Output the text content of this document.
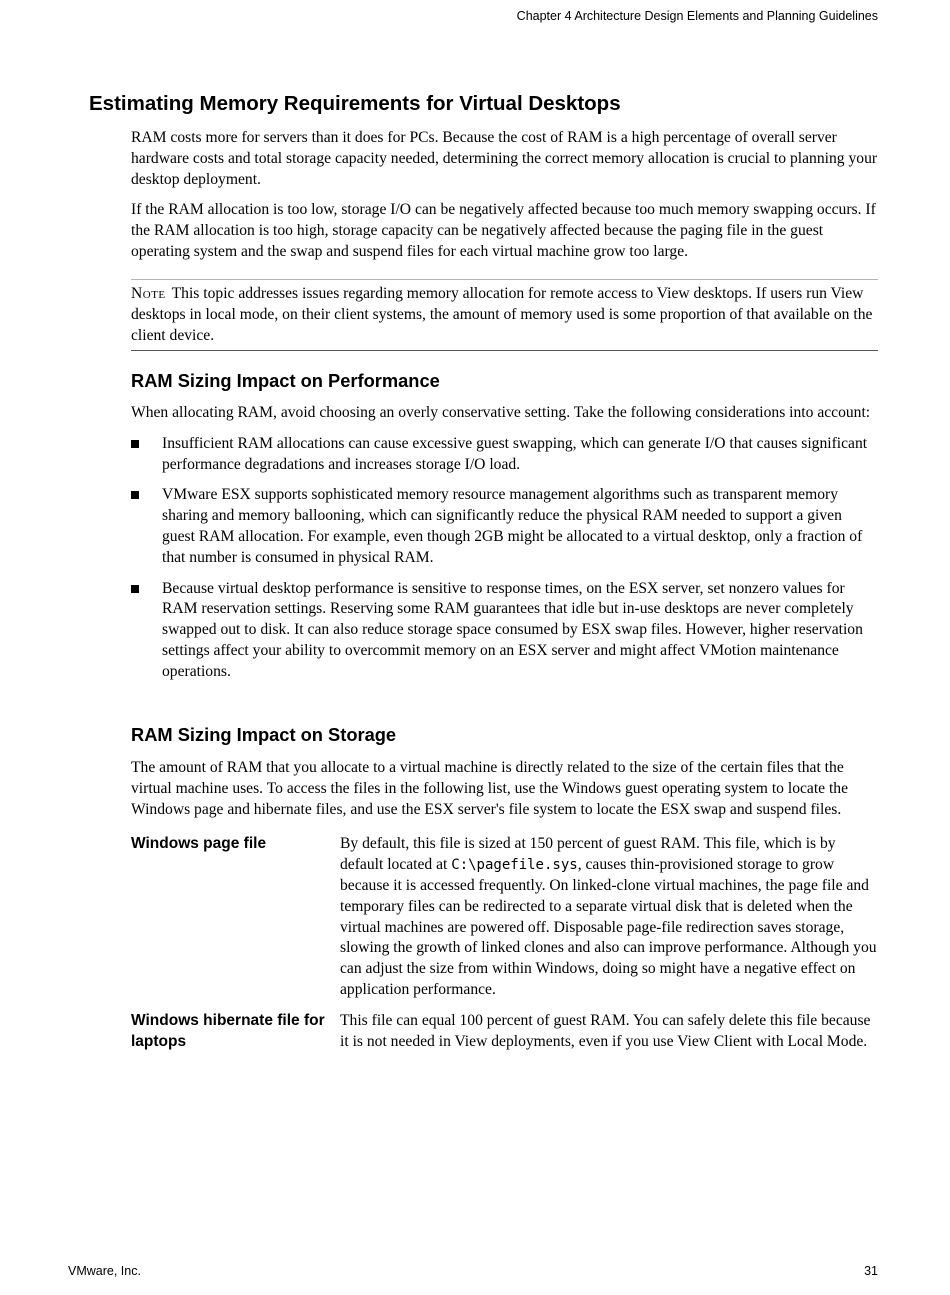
Chapter 4 Architecture Design Elements and Planning Guidelines
Estimating Memory Requirements for Virtual Desktops

RAM costs more for servers than it does for PCs. Because the cost of RAM is a high percentage of overall server hardware costs and total storage capacity needed, determining the correct memory allocation is crucial to planning your desktop deployment.

If the RAM allocation is too low, storage I/O can be negatively affected because too much memory swapping occurs. If the RAM allocation is too high, storage capacity can be negatively affected because the paging file in the guest operating system and the swap and suspend files for each virtual machine grow too large.

Note This topic addresses issues regarding memory allocation for remote access to View desktops. If users run View desktops in local mode, on their client systems, the amount of memory used is some proportion of that available on the client device.
RAM Sizing Impact on Performance

When allocating RAM, avoid choosing an overly conservative setting. Take the following considerations into account:

Insufficient RAM allocations can cause excessive guest swapping, which can generate I/O that causes significant performance degradations and increases storage I/O load.
VMware ESX supports sophisticated memory resource management algorithms such as transparent memory sharing and memory ballooning, which can significantly reduce the physical RAM needed to support a given guest RAM allocation. For example, even though 2GB might be allocated to a virtual desktop, only a fraction of that number is consumed in physical RAM.
Because virtual desktop performance is sensitive to response times, on the ESX server, set nonzero values for RAM reservation settings. Reserving some RAM guarantees that idle but in-use desktops are never completely swapped out to disk. It can also reduce storage space consumed by ESX swap files. However, higher reservation settings affect your ability to overcommit memory on an ESX server and might affect VMotion maintenance operations.
RAM Sizing Impact on Storage

The amount of RAM that you allocate to a virtual machine is directly related to the size of the certain files that the virtual machine uses. To access the files in the following list, use the Windows guest operating system to locate the Windows page and hibernate files, and use the ESX server's file system to locate the ESX swap and suspend files.

Windows page file	By default, this file is sized at 150 percent of guest RAM. This file, which is by default located at C:\pagefile.sys, causes thin-provisioned storage to grow because it is accessed frequently. On linked-clone virtual machines, the page file and temporary files can be redirected to a separate virtual disk that is deleted when the virtual machines are powered off. Disposable page-file redirection saves storage, slowing the growth of linked clones and also can improve performance. Although you can adjust the size from within Windows, doing so might have a negative effect on application performance.
Windows hibernate file for laptops
This file can equal 100 percent of guest RAM. You can safely delete this file because it is not needed in View deployments, even if you use View Client with Local Mode.
VMware, Inc.	31
